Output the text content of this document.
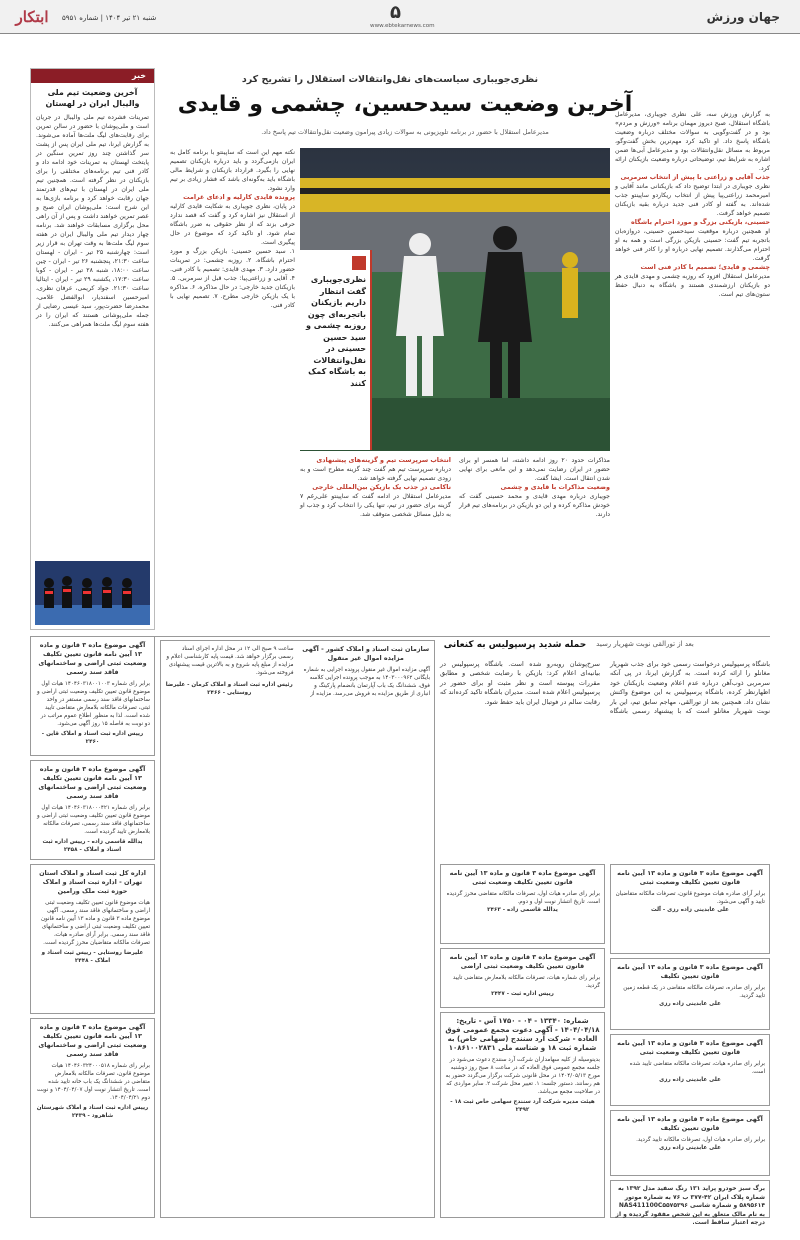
جهان ورزش
۵
www.ebtekarnews.com
شنبه ۲۱ تیر ۱۴۰۴ | شماره ۵۹۵۱
ابتکار
خبر
آخرین وضعیت تیم ملی والیبال ایران در لهستان
تمرینات فشرده تیم ملی والیبال در جریان است و ملی‌پوشان با حضور در سالن تمرین برای رقابت‌های لیگ ملت‌ها آماده می‌شوند. به گزارش ایرنا، تیم ملی ایران پس از پشت سر گذاشتن چند روز تمرین سنگین در پایتخت لهستان به تمرینات خود ادامه داد و کادر فنی تیم برنامه‌های مختلفی را برای بازیکنان در نظر گرفته است. همچنین تیم ملی ایران در لهستان با تیم‌های قدرتمند جهان رقابت خواهد کرد و برنامه بازی‌ها به این شرح است: ملی‌پوشان ایران صبح و عصر تمرین خواهند داشت و پس از آن راهی محل برگزاری مسابقات خواهند شد. برنامه چهار دیدار تیم ملی والیبال ایران در هفته سوم لیگ ملت‌ها به وقت تهران به قرار زیر است: چهارشنبه ۲۵ تیر - ایران - لهستان ساعت ۲۱:۳۰، پنجشنبه ۲۶ تیر - ایران - چین ساعت ۱۸:۰۰، شنبه ۲۸ تیر - ایران - کوبا ساعت ۱۷:۳۰، یکشنبه ۲۹ تیر - ایران - ایتالیا ساعت ۲۱:۳۰. جواد کریمی، عرفان نظری، امیرحسین اسفندیار، ابوالفضل غلامی، محمدرضا حضرت‌پور، سید عیسی رضایی از جمله ملی‌پوشانی هستند که ایران را در هفته سوم لیگ ملت‌ها همراهی می‌کنند.
نظری‌جویباری سیاست‌های نقل‌وانتقالات استقلال را تشریح کرد
آخرین وضعیت سیدحسین، چشمی و قایدی
مدیرعامل استقلال با حضور در برنامه تلویزیونی به سوالات زیادی پیرامون وضعیت نقل‌وانتقالات تیم پاسخ داد.
به گزارش ورزش سه، علی نظری جویباری، مدیرعامل باشگاه استقلال، صبح دیروز مهمان برنامه «ورزش و مردم» بود و در گفت‌وگویی به سوالات مختلف درباره وضعیت باشگاه پاسخ داد. او تاکید کرد مهم‌ترین بخش گفت‌وگو، مربوط به مسائل نقل‌وانتقالات بود و مدیرعامل آبی‌ها ضمن اشاره به شرایط تیم، توضیحاتی درباره وضعیت بازیکنان ارائه کرد.
جذب آقایی و زراعتی با پیش از انتخاب سرمربی
نظری جویباری در ابتدا توضیح داد که بازیکنانی مانند آقایی و امیرمحمد زراعتی‌پیا پیش از انتخاب ریکاردو ساپینتو جذب شده‌اند. به گفته او کادر فنی جدید درباره بقیه بازیکنان تصمیم خواهد گرفت.
حسینی، بازیکنی بزرگ و مورد احترام باشگاه
او همچنین درباره موقعیت سیدحسین حسینی، دروازه‌بان باتجربه تیم گفت: حسینی بازیکن بزرگی است و همه به او احترام می‌گذارند. تصمیم نهایی درباره او را کادر فنی خواهد گرفت.
چشمی و قایدی؛ تصمیم با کادر فنی است
مدیرعامل استقلال افزود که روزبه چشمی و مهدی قایدی هر دو بازیکنان ارزشمندی هستند و باشگاه به دنبال حفظ ستون‌های تیم است.
نظری‌جویباری گفت انتظار داریم بازیکنان باتجربه‌ای چون روزبه چشمی و سید حسین حسینی در نقل‌وانتقالات به باشگاه کمک کنند
نکته مهم این است که ساپینتو با برنامه کامل به ایران بازمی‌گردد و باید درباره بازیکنان تصمیم نهایی را بگیرد. قرارداد بازیکنان و شرایط مالی باشگاه باید به‌گونه‌ای باشد که فشار زیادی بر تیم وارد نشود.
پرونده قایدی کارلیه و ادعای غرامت
در پایان، نظری جویباری به شکایت قایدی کارلیه از استقلال نیز اشاره کرد و گفت که قصد ندارد حرفی بزند که از نظر حقوقی به ضرر باشگاه تمام شود. او تاکید کرد که موضوع در حال پیگیری است.
۱. سید حسین حسینی: بازیکن بزرگ و مورد احترام باشگاه. ۲. روزبه چشمی: در تمرینات حضور دارد. ۳. مهدی قایدی: تصمیم با کادر فنی. ۴. آقایی و زراعتی‌پیا: جذب قبل از سرمربی. ۵. بازیکنان جدید خارجی: در حال مذاکره. ۶. مذاکره با یک بازیکن خارجی مطرح. ۷. تصمیم نهایی با کادر فنی.
مذاکرات حدود ۲۰ روز ادامه داشته، اما همسر او برای حضور در ایران رضایت نمی‌دهد و این مانعی برای نهایی شدن انتقال است. ایشا گفت.
وضعیت مذاکرات با قایدی و چشمی
جویباری درباره مهدی قایدی و محمد حسینی گفت که خودش مذاکره کرده و این دو بازیکن در برنامه‌های تیم قرار دارند.
انتخاب سرپرست تیم و گزینه‌های پیشنهادی
درباره سرپرست تیم هم گفت چند گزینه مطرح است و به زودی تصمیم نهایی گرفته خواهد شد.
ناکامی در جذب یک بازیکن بین‌المللی خارجی
مدیرعامل استقلال در ادامه گفت که ساپینتو علی‌رغم ۷ گزینه برای حضور در تیم، تنها یکی را انتخاب کرد و جذب او به دلیل مسائل شخصی متوقف شد.
بعد از تورالقی نوبت شهریار رسید
حمله شدید پرسپولیس به کنعانی
باشگاه پرسپولیس درخواست رسمی خود برای جذب شهریار مغانلو را ارائه کرده است. به گزارش ایرنا، در پی آنکه سرمربی ذوب‌آهن درباره عدم اعلام وضعیت بازیکنان خود اظهارنظر کرده، باشگاه پرسپولیس به این موضوع واکنش نشان داد. همچنین بعد از تورالقی، مهاجم سابق تیم، این بار نوبت شهریار مغانلو است که با پیشنهاد رسمی باشگاه سرخ‌پوشان روبه‌رو شده است. باشگاه پرسپولیس در بیانیه‌ای اعلام کرد: بازیکن با رضایت شخصی و مطابق مقررات پیوسته است و نظر مثبت او برای حضور در پرسپولیس اعلام شده است. مدیران باشگاه تاکید کرده‌اند که رقابت سالم در فوتبال ایران باید حفظ شود.
آگهی موضوع ماده ۳ قانون و ماده ۱۳ آیین نامه قانون تعیین تکلیف وضعیت ثبتی اراضی و ساختمانهای فاقد سند رسمی
برابر رای شماره ۱۴۰۴۶۰۳۱۸۰۰۱۰۰۳ هیات اول موضوع قانون تعیین تکلیف وضعیت ثبتی اراضی و ساختمانهای فاقد سند رسمی مستقر در واحد ثبتی، تصرفات مالکانه بلامعارض متقاضی تایید شده است. لذا به منظور اطلاع عموم مراتب در دو نوبت به فاصله ۱۵ روز آگهی می‌شود.
رییس اداره ثبت اسناد و املاک قاین - ۲۴۶۰
آگهی موضوع ماده ۳ قانون و ماده ۱۳ آیین نامه قانون تعیین تکلیف وضعیت ثبتی اراضی و ساختمانهای فاقد سند رسمی
برابر رای شماره ۱۴۰۴۶۰۳۱۸۰۰۰۴۲۱ هیات اول موضوع قانون تعیین تکلیف وضعیت ثبتی اراضی و ساختمانهای فاقد سند رسمی، تصرفات مالکانه بلامعارض تایید گردیده است.
یدالله قاسمی زاده - رییس اداره ثبت اسناد و املاک - ۲۴۵۸
اداره کل ثبت اسناد و املاک استان تهران - اداره ثبت اسناد و املاک حوزه ثبت ملک ورامین
هیات موضوع قانون تعیین تکلیف وضعیت ثبتی اراضی و ساختمانهای فاقد سند رسمی. آگهی موضوع ماده ۳ قانون و ماده ۱۳ آیین نامه قانون تعیین تکلیف وضعیت ثبتی اراضی و ساختمانهای فاقد سند رسمی. برابر آرای صادره هیات، تصرفات مالکانه متقاضیان محرز گردیده است.
علیرضا روستایی - رییس ثبت اسناد و املاک - ۲۴۴۸
آگهی موضوع ماده ۳ قانون و ماده ۱۳ آیین نامه قانون تعیین تکلیف وضعیت ثبتی اراضی و ساختمانهای فاقد سند رسمی
برابر رای شماره ۱۴۰۴۶۰۳۲۴۰۰۰۵۱۸ هیات موضوع قانون، تصرفات مالکانه بلامعارض متقاضی در ششدانگ یک باب خانه تایید شده است. تاریخ انتشار نوبت اول ۱۴۰۴/۰۴/۰۷ و نوبت دوم ۱۴۰۴/۰۴/۲۱.
رییس اداره ثبت اسناد و املاک شهرستان شاهرود - ۲۴۳۹
سازمان ثبت اسناد و املاک کشور - آگهی مزایده اموال غیر منقول
آگهی مزایده اموال غیر منقول پرونده اجرایی به شماره بایگانی ۱۴۰۳۰۰۰۹۶۲ به موجب پرونده اجرایی کلاسه فوق، ششدانگ یک باب آپارتمان بانضمام پارکینگ و انباری از طریق مزایده به فروش می‌رسد. مزایده از ساعت ۹ صبح الی ۱۲ در محل اداره اجرای اسناد رسمی برگزار خواهد شد. قیمت پایه کارشناسی اعلام و مزایده از مبلغ پایه شروع و به بالاترین قیمت پیشنهادی فروخته می‌شود.
رئیس اداره ثبت اسناد و املاک کرمان - علیرضا روستایی - ۲۴۶۶
آگهی موضوع ماده ۳ قانون و ماده ۱۳ آیین نامه قانون تعیین تکلیف وضعیت ثبتی
برابر رای صادره هیات اول، تصرفات مالکانه متقاضی محرز گردیده است. تاریخ انتشار نوبت اول و دوم.
یدالله قاسمی زاده - ۲۴۶۳
آگهی موضوع ماده ۳ قانون و ماده ۱۳ آیین نامه قانون تعیین تکلیف وضعیت ثبتی اراضی
برابر رای شماره هیات، تصرفات مالکانه بلامعارض متقاضی تایید گردید.
رییس اداره ثبت - ۲۴۴۷
شماره: ۱۳۳۴۰ - ۰۴ - ۱۷۵۰ آس - تاریخ: ۱۴۰۴/۰۴/۱۸ - آگهی دعوت مجمع عمومی فوق العاده - شرکت آرد سنندج (سهامی خاص) به شماره ثبت ۱۸ و شناسه ملی ۱۰۸۶۱۰۰۲۸۳۱
بدینوسیله از کلیه سهامداران شرکت آرد سنندج دعوت می‌شود در جلسه مجمع عمومی فوق العاده که در ساعت ۸ صبح روز دوشنبه مورخ ۱۴۰۴/۰۵/۱۳ در محل قانونی شرکت برگزار می‌گردد حضور به هم رسانند. دستور جلسه: ۱. تغییر محل شرکت ۲. سایر مواردی که در صلاحیت مجمع می‌باشد.
هیئت مدیره شرکت آرد سنندج سهامی خاص ثبت ۱۸ - ۲۴۹۲
آگهی موضوع ماده ۳ قانون و ماده ۱۳ آیین نامه قانون تعیین تکلیف وضعیت ثبتی
برابر آرای صادره هیات موضوع قانون، تصرفات مالکانه متقاضیان تایید و آگهی می‌شود.
علی عابدینی زاده رزی - آلت
آگهی موضوع ماده ۳ قانون و ماده ۱۳ آیین نامه قانون تعیین تکلیف
برابر رای صادره، تصرفات مالکانه متقاضی در یک قطعه زمین تایید گردید.
علی عابدینی زاده رزی
آگهی موضوع ماده ۳ قانون و ماده ۱۳ آیین نامه قانون تعیین تکلیف وضعیت ثبتی
برابر رای صادره هیات، تصرفات مالکانه متقاضی تایید شده است.
علی عابدینی زاده رزی
آگهی موضوع ماده ۳ قانون و ماده ۱۳ آیین نامه قانون تعیین تکلیف
برابر رای صادره هیات اول، تصرفات مالکانه تایید گردید.
علی عابدینی زاده رزی
برگ سبز خودرو پراید ۱۳۱ رنگ سفید مدل ۱۳۹۲ به شماره پلاک ایران ۴۲-۳۷۷ ب ۷۶ به شماره موتور ۵۸۹۵۶۱۴ و شماره شاسی NAS411100C۵۵۷۵۳۹۶ به نام مالک متعلق به این شخص مفقود گردیده و از درجه اعتبار ساقط است.
